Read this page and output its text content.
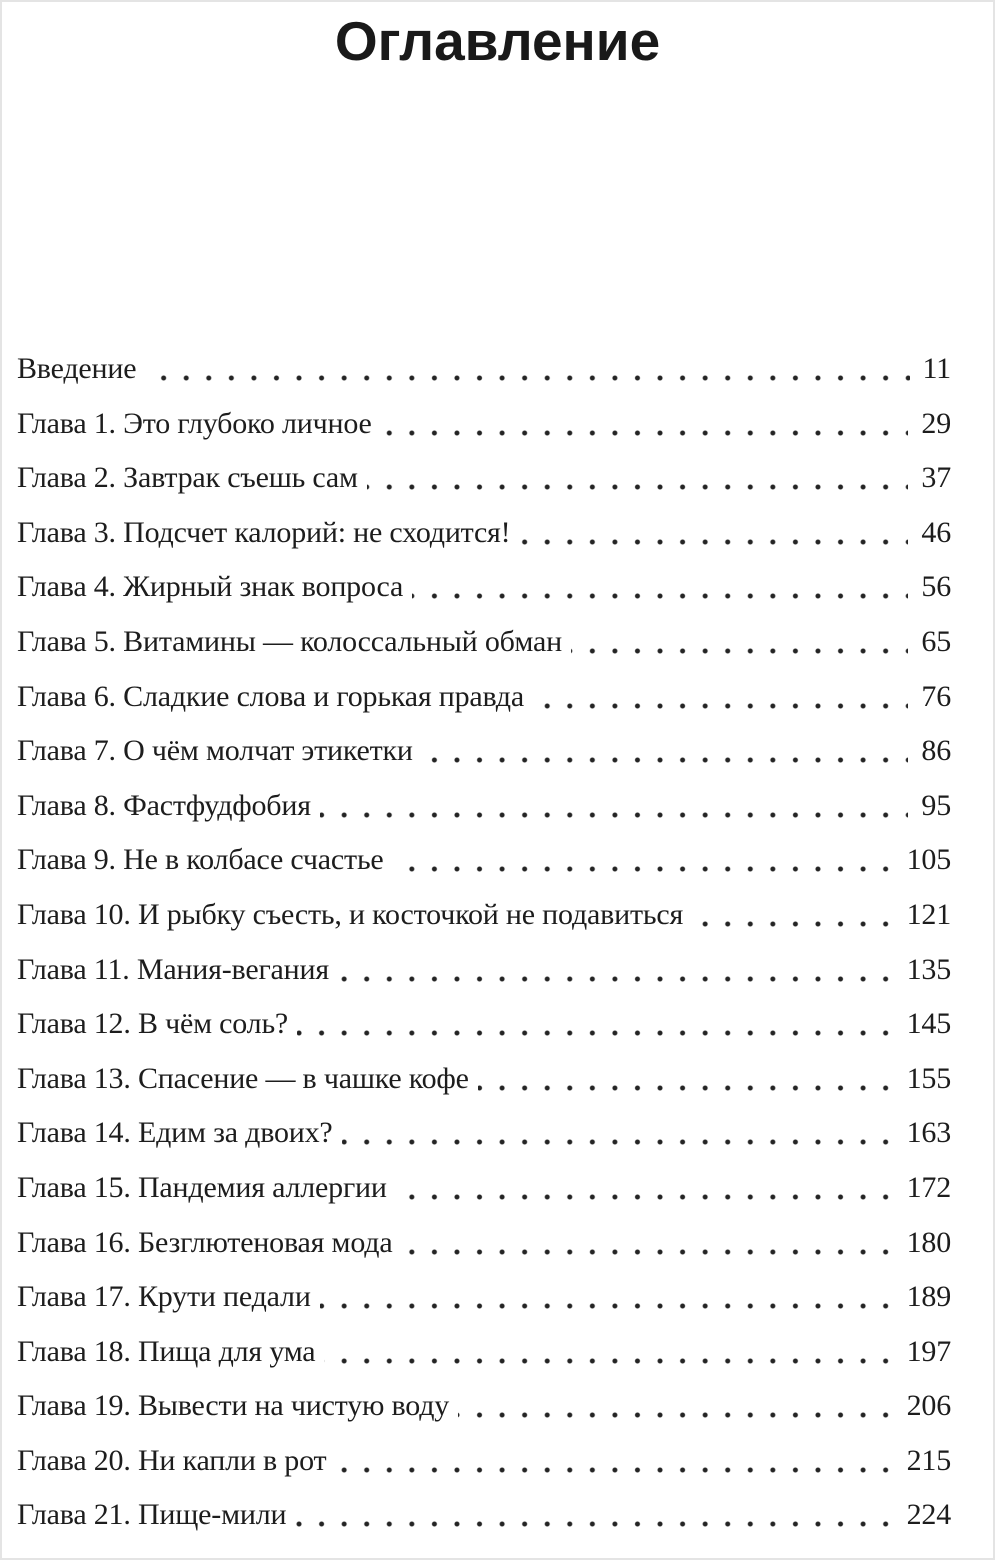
Оглавление
Введение	11
Глава 1. Это глубоко личное	29
Глава 2. Завтрак съешь сам	37
Глава 3. Подсчет калорий: не сходится!	46
Глава 4. Жирный знак вопроса	56
Глава 5. Витамины — колоссальный обман	65
Глава 6. Сладкие слова и горькая правда	76
Глава 7. О чём молчат этикетки	86
Глава 8. Фастфудфобия	95
Глава 9. Не в колбасе счастье	105
Глава 10. И рыбку съесть, и косточкой не подавиться	121
Глава 11. Мания-вегания	135
Глава 12. В чём соль?	145
Глава 13. Спасение — в чашке кофе	155
Глава 14. Едим за двоих?	163
Глава 15. Пандемия аллергии	172
Глава 16. Безглютеновая мода	180
Глава 17. Крути педали	189
Глава 18. Пища для ума	197
Глава 19. Вывести на чистую воду	206
Глава 20. Ни капли в рот	215
Глава 21. Пище-мили	224
